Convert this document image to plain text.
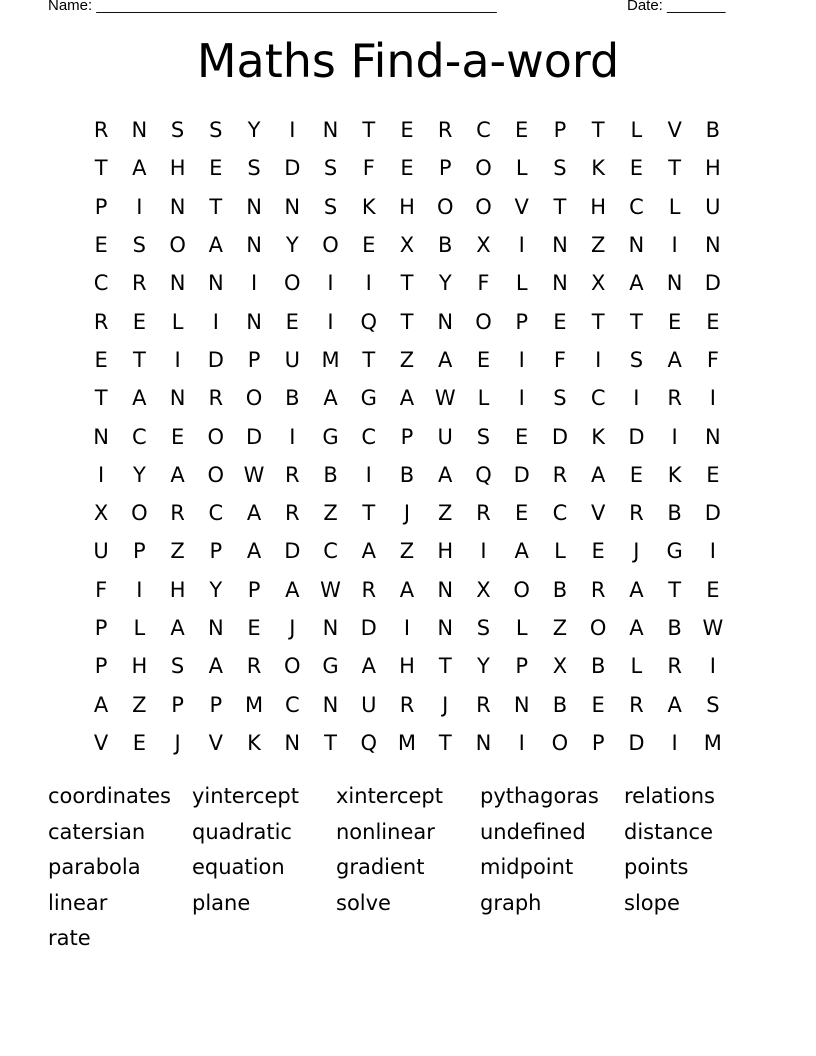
Name: ________________________________________________	Date: _______
Maths Find-a-word
R	N	S	S	Y	I	N	T	E	R	C	E	P	T	L	V	B
T	A	H	E	S	D	S	F	E	P	O	L	S	K	E	T	H
P	I	N	T	N	N	S	K	H	O	O	V	T	H	C	L	U
E	S	O	A	N	Y	O	E	X	B	X	I	N	Z	N	I	N
C	R	N	N	I	O	I	I	T	Y	F	L	N	X	A	N	D
R	E	L	I	N	E	I	Q	T	N	O	P	E	T	T	E	E
E	T	I	D	P	U	M	T	Z	A	E	I	F	I	S	A	F
T	A	N	R	O	B	A	G	A W	L	I	S	C	I	R	I
N	C	E	O	D	I	G	C	P	U	S	E	D	K	D	I	N
I	Y	A	O W R	B	I	B	A	Q	D	R	A	E	K	E
X	O	R	C	A	R	Z	T	J	Z	R	E	C	V	R	B	D
U	P	Z	P	A	D	C	A	Z	H	I	A	L	E	J	G	I
F	I	H	Y	P	A W R	A	N	X	O	B	R	A	T	E
P	L	A	N	E	J	N	D	I	N	S	L	Z	O	A	B W
P	H	S	A	R	O	G	A	H	T	Y	P	X	B	L	R	I
A	Z	P	P	M	C	N	U	R	J	R	N	B	E	R	A	S
V	E	J	V	K	N	T	Q M	T	N	I	O	P	D	I	M
coordinates	yintercept	xintercept	pythagoras	relations
catersian	quadratic	nonlinear	undefined	distance
parabola	equation	gradient	midpoint	points
linear	plane	solve	graph	slope
rate
